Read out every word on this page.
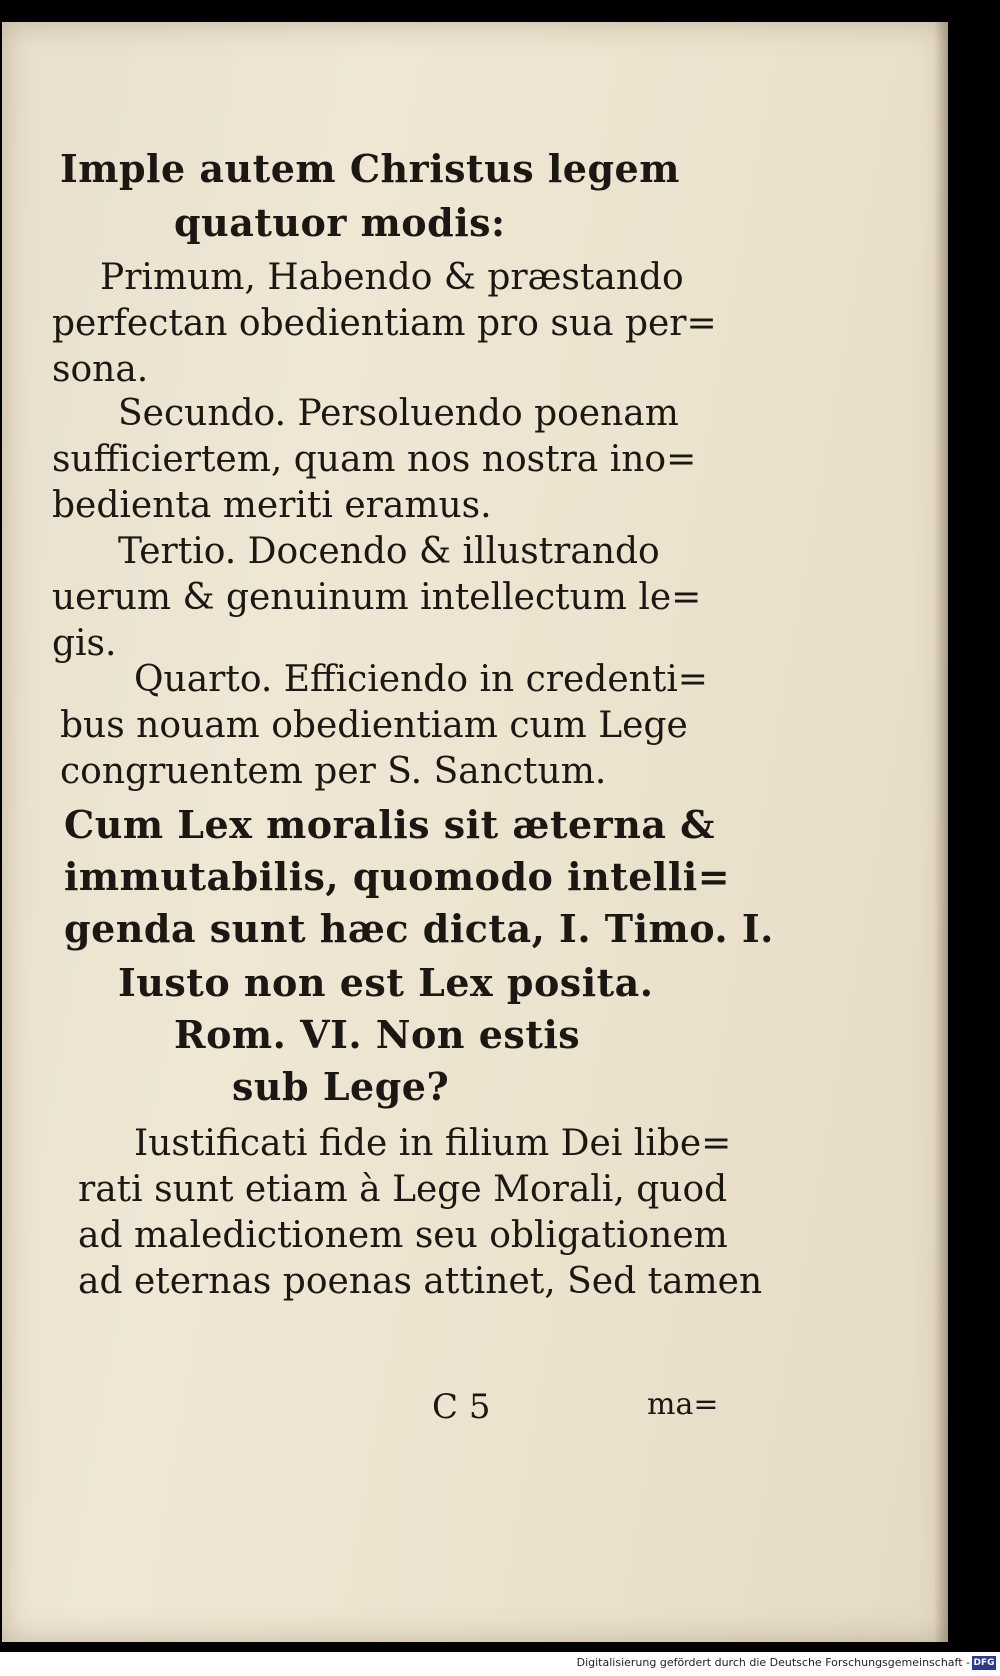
Imple autem Christus legem

quatuor modis:

Primum, Habendo & præstando

perfectan obedientiam pro sua per=

sona.

Secundo. Persoluendo poenam

sufficiertem, quam nos nostra ino=

bedienta meriti eramus.

Tertio. Docendo & illustrando

uerum & genuinum intellectum le=

gis.

Quarto. Efficiendo in credenti=

bus nouam obedientiam cum Lege

congruentem per S. Sanctum.

Cum Lex moralis sit æterna &

immutabilis, quomodo intelli=

genda sunt hæc dicta, I. Timo. I.

Iusto non est Lex posita.

Rom. VI. Non estis

sub Lege?

Iustificati fide in filium Dei libe=

rati sunt etiam à Lege Morali, quod

ad maledictionem seu obligationem

ad eternas poenas attinet, Sed tamen

C 5	ma=
Digitalisierung gefördert durch die Deutsche Forschungsgemeinschaft - DFG
